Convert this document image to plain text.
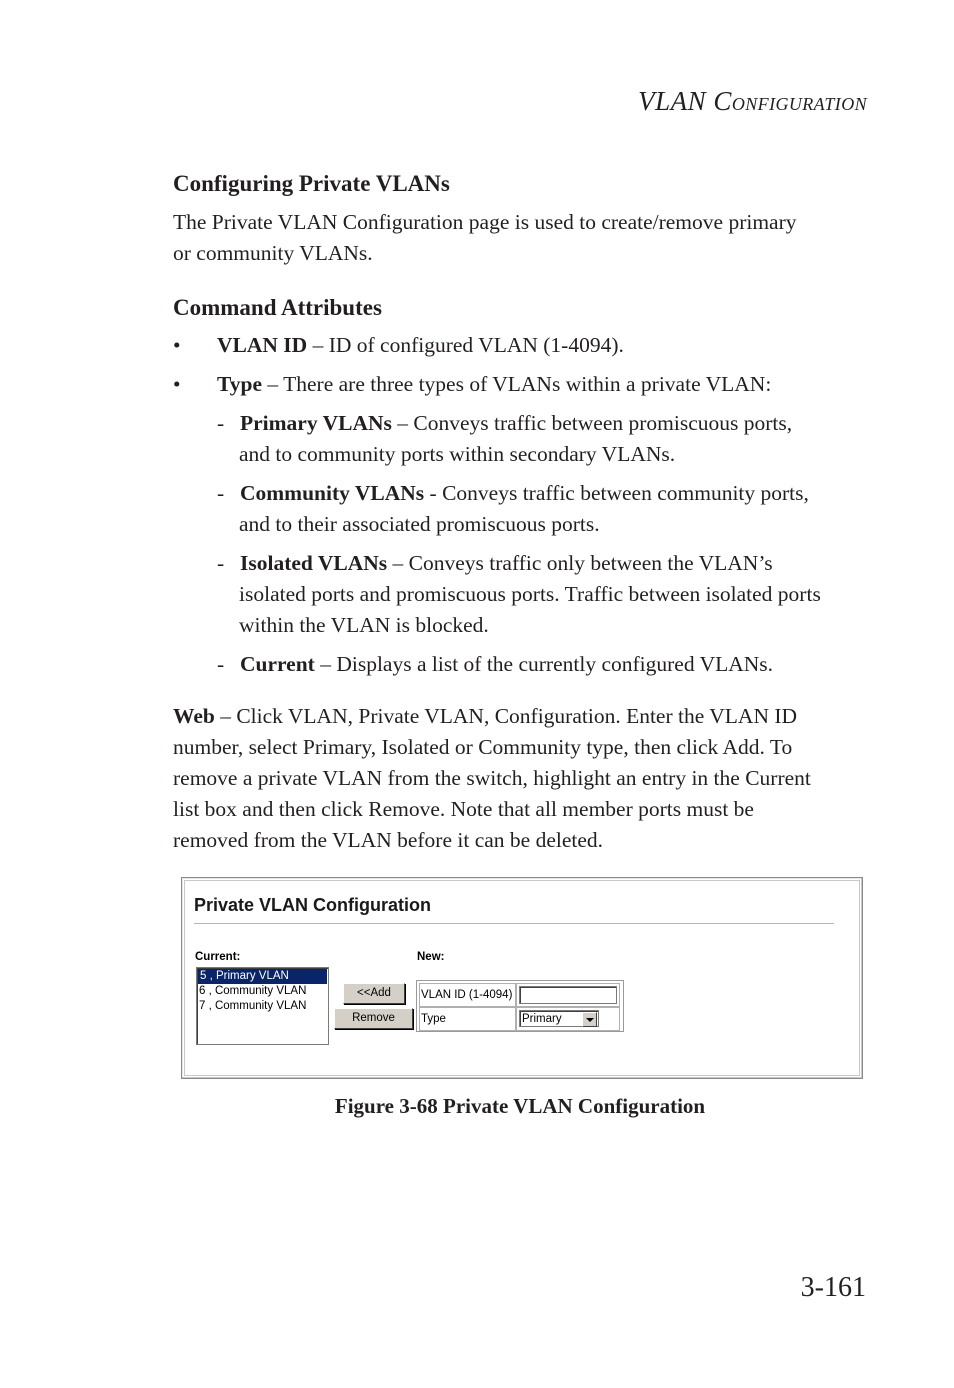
VLAN CONFIGURATION
Configuring Private VLANs
The Private VLAN Configuration page is used to create/remove primary
or community VLANs.
Command Attributes
• VLAN ID – ID of configured VLAN (1-4094).
• Type – There are three types of VLANs within a private VLAN:
- Primary VLANs – Conveys traffic between promiscuous ports,
and to community ports within secondary VLANs.
- Community VLANs - Conveys traffic between community ports,
and to their associated promiscuous ports.
- Isolated VLANs – Conveys traffic only between the VLAN’s
isolated ports and promiscuous ports. Traffic between isolated ports
within the VLAN is blocked.
- Current – Displays a list of the currently configured VLANs.
Web – Click VLAN, Private VLAN, Configuration. Enter the VLAN ID
number, select Primary, Isolated or Community type, then click Add. To
remove a private VLAN from the switch, highlight an entry in the Current
list box and then click Remove. Note that all member ports must be
removed from the VLAN before it can be deleted.
Private VLAN Configuration
Current:	New:
5 , Primary VLAN
6 , Community VLAN
7 , Community VLAN
<<Add
Remove
VLAN ID (1-4094)
Type	Primary
Figure 3-68 Private VLAN Configuration
3-161
